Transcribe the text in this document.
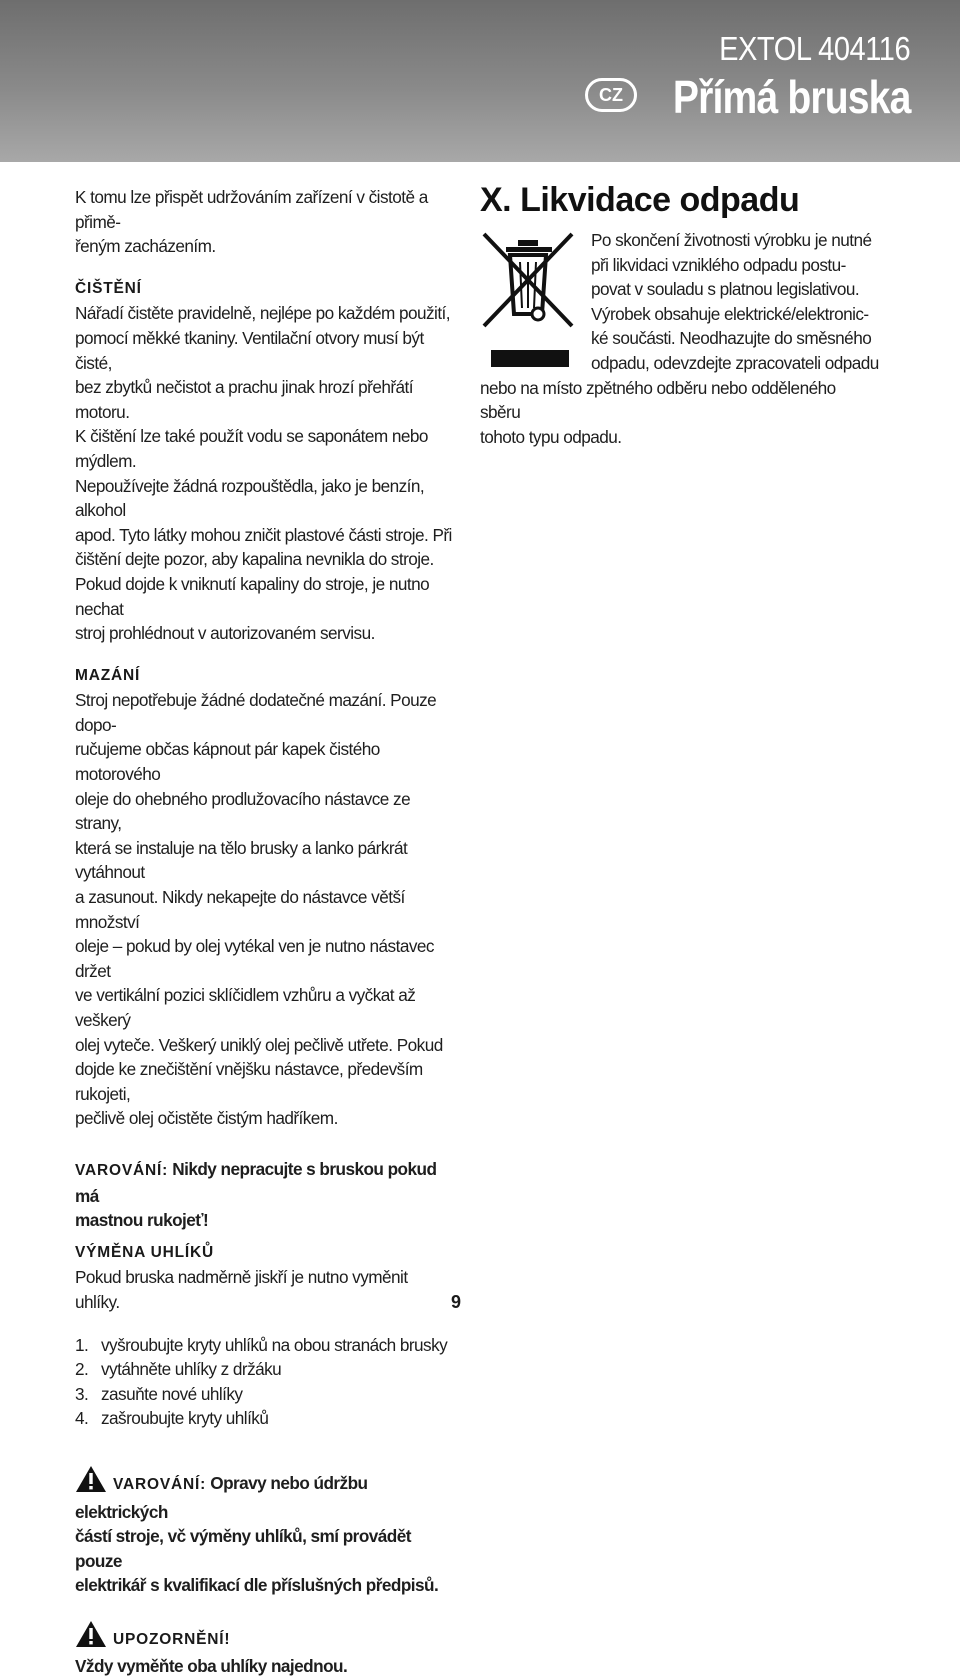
EXTOL 404116
CZ	Přímá bruska

K tomu lze přispět udržováním zařízení v čistotě a přimě-

řeným zacházením.

ČIŠTĚNÍ

Nářadí čistěte pravidelně, nejlépe po každém použití,

pomocí měkké tkaniny. Ventilační otvory musí být čisté,

bez zbytků nečistot a prachu jinak hrozí přehřátí motoru.

K čištění lze také použít vodu se saponátem nebo mýdlem.

Nepoužívejte žádná rozpouštědla, jako je benzín, alkohol

apod. Tyto látky mohou zničit plastové části stroje. Při

čištění dejte pozor, aby kapalina nevnikla do stroje.

Pokud dojde k vniknutí kapaliny do stroje, je nutno nechat

stroj prohlédnout v autorizovaném servisu.

MAZÁNÍ

Stroj nepotřebuje žádné dodatečné mazání. Pouze dopo-

ručujeme občas kápnout pár kapek čistého motorového

oleje do ohebného prodlužovacího nástavce ze strany,

která se instaluje na tělo brusky a lanko párkrát vytáhnout

a zasunout. Nikdy nekapejte do nástavce větší množství

oleje – pokud by olej vytékal ven je nutno nástavec držet

ve vertikální pozici sklíčidlem vzhůru a vyčkat až veškerý

olej vyteče. Veškerý uniklý olej pečlivě utřete. Pokud

dojde ke znečištění vnějšku nástavce, především rukojeti,

pečlivě olej očistěte čistým hadříkem.

VAROVÁNÍ: Nikdy nepracujte s bruskou pokud má

mastnou rukojeť!

VÝMĚNA UHLÍKŮ

Pokud bruska nadměrně jiskří je nutno vyměnit uhlíky.

1. vyšroubujte kryty uhlíků na obou stranách brusky
2. vytáhněte uhlíky z držáku
3. zasuňte nové uhlíky
4. zašroubujte kryty uhlíků

VAROVÁNÍ: Opravy nebo údržbu elektrických

částí stroje, vč výměny uhlíků, smí provádět pouze

elektrikář s kvalifikací dle příslušných předpisů.

UPOZORNĚNÍ!

Vždy vyměňte oba uhlíky najednou.

X. Likvidace odpadu

Po skončení životnosti výrobku je nutné

při likvidaci vzniklého odpadu postu-

povat v souladu s platnou legislativou.

Výrobek obsahuje elektrické/elektronic-

ké součásti. Neodhazujte do směsného

odpadu, odevzdejte zpracovateli odpadu

nebo na místo zpětného odběru nebo odděleného sběru

tohoto typu odpadu.

9
